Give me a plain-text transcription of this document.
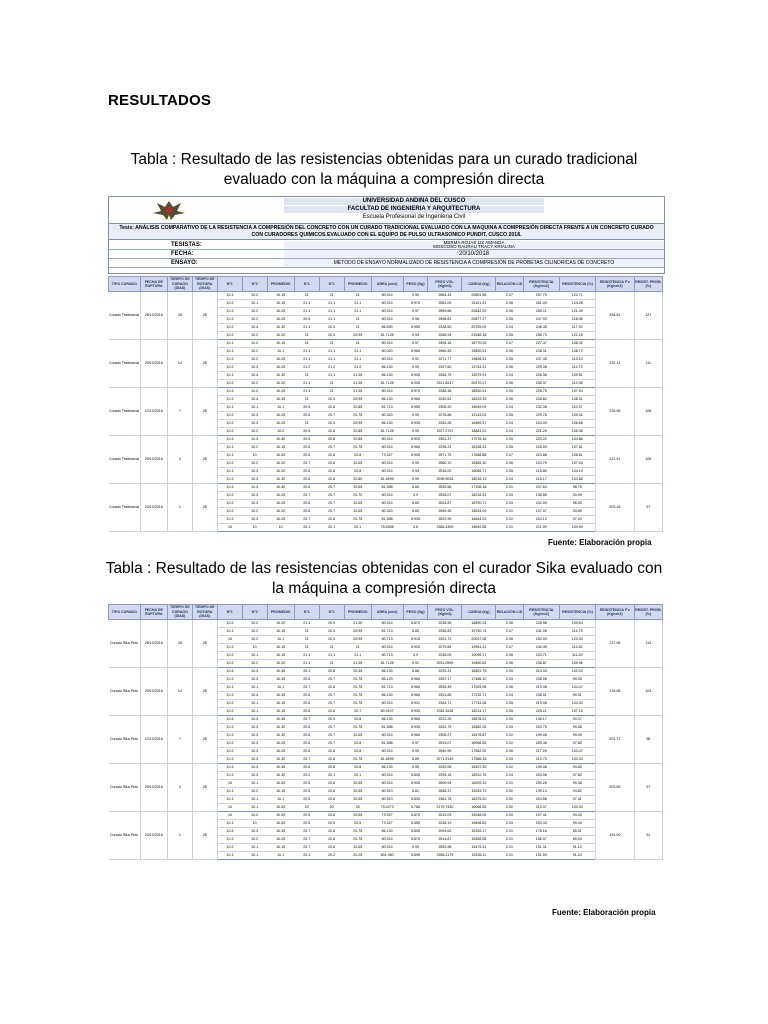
RESULTADOS
Tabla : Resultado de las resistencias obtenidas para un curado tradicional evaluado con la máquina a compresión directa
UNIVERSIDAD ANDINA DEL CUSCO
FACULTAD DE INGENIERIA Y ARQUITECTURA
Escuela Profesional de Ingenieria Civil
Tesis: ANÁLISIS COMPARATIVO DE LA RESISTENCIA A COMPRESIÓN DEL CONCRETO CON UN CURADO TRADICIONAL EVALUADO CON LA MAQUINA A COMPRESIÓN DIRECTA FRENTE A UN CONCRETO CURADO CON CURADORES QUIMICOS EVALUADO CON EL EQUIPO DE PULSO ULTRASONICO PUNDIT, CUSCO 2018.
TESISTAS:	MERMA ROJAS LIZ AMANDA
MOSCOSO RAURAU TRACY KRIALINA
FECHA:	20/10/2018
ENSAYO:	METODO DE ENSAYO NORMALIZADO DE RESISTENCIA A COMPRESIÓN DE PROBETAS CILINDRICAS DE CONCRETO
TIPO CURADO	FECHA DE RUPTURA	TIEMPO DE CURADO (DIAS)	TIEMPO DE ROTURA (DIAS)	N°1	N°2	PROMEDIO	N°1	N°2	PROMEDIO	AREA (cm2)	PESO (Kg)	PESO VOL. (Kg/m3)	CARGA (Kg)	RELACIÓN L/D	RESISTENCIA (Kg/cm2)	RESISTENCIA (%)	RESISTENCIA F'c (Kg/cm2)	RESIST. PROM. (%)
Curado Tradicional	26/10/2018	28	28	10.1	10.2	10.15	21	21	21	80.914	9.95	2564.44	20851.56	2.07	257.70	122.71	254.51	121
				10.2	10.1	10.15	21.1	21.1	21.1	80.914	5.975	2581.09	21101.23	2.08	261.00	124.28		
				10.3	10.2	10.25	21.1	21.1	21.1	80.914	5.97	2559.86	20842.29	2.06	255.11	121.49		
				10.3	10.2	10.25	20.9	21.1	21	80.914	5.98	2596.81	20877.27	2.05	247.93	118.06		
				10.2	10.4	10.30	21.1	20.9	21	86.590	5.955	2338.50	20725.09	2.04	246.35	117.30		
				10.2	10.2	10.20	21	20.9	20.95	81.7128	5.94	2266.94	21548.18	2.05	256.73	122.25		
Curado Tradicional	20/10/2018	14	28	10.1	10.2	10.15	21	21	21	80.914	5.97	2495.16	18770.25	2.07	227.47	108.32	232.13	111
				10.1	10.2	10.1	21.1	21.1	21.1	80.020	5.965	2460.45	19820.91	2.06	238.31	108.72		
				10.3	10.2	10.25	21.1	21.1	21.1	80.914	5.91	2271.77	19626.51	2.05	237.45	113.10		
				10.2	10.3	10.25	21.2	21.2	21.2	86.130	5.95	2327.60	19744.91	2.06	229.38	114.75		
				10.1	10.4	10.30	21	21.1	21.05	86.130	5.905	2264.79	19279.91	2.04	226.36	109.51		
				10.2	10.2	10.20	21.1	21	21.05	81.7128	6.005	2321.8247	20270.27	2.06	235.37	112.08		
Curado Tradicional	12/10/2018	7	28	10.3	10.2	10.25	21.1	21	21.05	80.914	5.975	2288.38	18530.91	2.05	226.75	107.94	226.98	108
				10.3	10.4	10.35	21	20.9	20.95	86.130	5.965	2249.51	18233.39	2.06	226.82	108.01		
				10.1	10.1	10.1	20.9	20.8	20.85	81.713	5.955	2305.20	18549.09	2.04	232.38	110.37		
				10.2	10.3	10.25	20.8	20.7	20.75	80.320	5.95	2278.86	19143.03	2.05	229.78	109.41		
				10.2	10.3	10.25	21	20.9	20.95	86.130	5.935	2252.26	18489.97	2.04	224.00	106.66		
				10.2	10.2	10.2	20.9	20.8	20.85	81.7128	5.95	1927.2757	18881.22	2.04	221.29	105.38		
Curado Tradicional	25/10/2018	3	28	10.3	10.3	10.30	20.9	20.8	20.85	80.914	5.925	2301.37	17978.16	2.05	220.22	104.86	221.91	106
				10.1	10.2	10.15	20.8	20.7	20.75	80.914	5.965	2298.21	18198.23	2.05	226.00	107.61		
				10.1	10	10.05	20.8	20.8	20.8	79.327	5.905	2571.75	17688.88	2.07	223.88	106.61		
				10.2	10.2	10.20	20.7	20.6	20.65	80.914	5.95	2560.70	18365.30	2.06	224.79	107.04		
				10.1	10.3	10.20	20.8	20.8	20.8	80.914	5.94	2518.00	18065.71	2.05	218.80	104.19		
				10.3	10.3	10.30	20.8	20.8	20.80	81.5599	5.99	2295.9034	18016.13	2.04	218.17	103.88		
Curado Tradicional	23/10/2018	1	28	10.3	10.3	10.30	20.6	20.7	20.65	81.558	5.65	2530.56	17158.18	2.01	207.63	98.78	203.16	97
				10.2	10.3	10.25	20.7	20.7	20.70	80.914	5.9	2528.07	16218.93	2.03	198.55	93.99		
				10.2	10.3	10.25	20.6	20.7	20.65	80.914	5.65	2524.87	16700.71	2.03	202.09	96.50		
				10.2	10.2	10.20	20.6	20.7	20.65	80.320	5.65	2549.35	16634.09	2.01	197.07	93.89		
				10.3	10.3	10.25	20.7	20.8	20.75	81.558	5.935	2522.99	16844.03	2.02	204.12	97.20		
				10	10	10	20.1	20.1	20.1	78.5398	5.6	2386.4309	16649.58	2.01	211.99	100.99		
Fuente: Elaboración propia
Tabla : Resultado de las resistencias obtenidas con el curador Sika evaluado con la máquina a compresión directa
TIPO CURADO	FECHA DE RUPTURA	TIEMPO DE CURADO (DIAS)	TIEMPO DE ROTURA (DIAS)	N°1	N°2	PROMEDIO	N°1	N°2	PROMEDIO	AREA (cm2)	PESO (Kg)	PESO VOL. (Kg/m3)	CARGA (Kg)	RELACIÓN L/D	RESISTENCIA (Kg/cm2)	RESISTENCIA (%)	RESISTENCIA F'c (Kg/cm2)	RESIST. PROM. (%)
Curado Sika Perú	26/10/2018	28	28	10.2	10.2	10.20	21.1	20.9	21.00	80.914	5.875	2238.95	18890.24	2.06	228.98	109.04	237.06	113
				10.1	10.2	10.15	21	20.9	20.95	81.713	5.85	2256.83	19740.74	2.07	241.06	114.79		
				10	10.2	10.1	21	20.9	20.95	80.713	5.915	2321.73	20037.08	2.08	252.00	120.00		
				10.3	10	10.15	21	21	21	80.914	5.925	2279.84	19951.21	2.07	240.49	114.52		
				10.2	10.1	10.15	21.1	21.1	21.1	80.713	5.9	2246.09	19096.17	2.08	233.71	111.29		
				10.2	10.2	10.20	21.1	21	21.05	81.7128	5.91	2251.0599	19450.62	2.06	236.87	109.96		
Curado Sika Perú	20/10/2018	14	28	10.4	10.3	10.35	20.1	20.8	20.45	86.130	5.88	2293.31	18451.75	2.05	214.33	102.03	216.08	103
				10.3	10.3	10.35	20.8	20.7	20.75	85.129	5.965	2267.17	17486.10	2.03	208.06	99.05		
				10.1	10.1	10.1	20.7	20.8	20.75	81.713	5.965	2526.49	17925.95	2.06	219.38	104.47		
				10.3	10.4	10.35	20.8	20.7	20.75	86.130	5.965	2321.85	17232.71	2.04	208.01	99.01		
				10.2	10.1	10.15	20.8	20.7	20.75	80.914	5.931	2343.71	17734.08	2.05	219.08	104.33		
				10.2	10.1	10.15	20.6	20.6	20.7	80.9107	5.935	2361.6118	18214.17	2.05	225.11	107.19		
Curado Sika Perú	12/10/2018	7	28	10.4	10.3	10.35	20.7	20.9	20.8	86.130	5.965	2221.25	16878.22	2.05	196.17	93.37	201.37	96
				10.3	10.3	10.30	20.8	20.7	20.75	81.558	5.935	2261.79	16582.28	2.03	200.75	95.58		
				10.3	10.3	10.30	20.6	20.7	20.65	80.914	5.965	2305.27	16476.87	2.02	199.08	95.09		
				10.2	10.3	10.25	20.8	20.7	20.8	81.558	5.97	2513.07	16908.55	2.02	205.46	97.85		
				10.2	10.3	10.25	20.8	20.8	20.8	80.914	5.95	2540.99	17582.92	2.06	217.29	103.47		
				10.3	10.3	10.30	20.7	20.8	20.75	81.5599	5.89	2271.9149	17586.16	2.03	210.70	100.33		
Curado Sika Perú	25/10/2018	3	28	10.3	10.3	10.35	20.8	20.8	20.8	86.130	5.95	2292.08	16437.39	2.02	199.08	94.80	203.55	97
				10.3	10.3	10.30	20.2	20.1	20.1	80.914	5.805	2294.15	16912.76	2.04	204.96	97.60		
				10	10.1	10.05	20.5	20.6	20.55	80.914	5.905	2509.94	16209.12	2.01	200.26	95.36		
				10.1	10.2	10.15	20.5	20.6	20.55	80.913	5.81	2548.37	15933.79	2.00	199.13	94.82		
				10.1	10.1	10.1	20.5	20.6	20.55	80.913	5.835	2361.78	16375.20	2.00	204.56	97.41		
				10	10.1	10.05	20	20	20	79.0273	5.785	2179.7430	16066.55	2.00	210.07	100.00		
Curado Sika Perú	23/10/2018	1	28	10	10.2	10.09	20.5	20.6	20.55	79.927	5.875	2212.03	15048.05	2.00	197.41	94.00	191.00	91
				10.1	10	10.05	20.5	20.5	20.5	79.327	5.555	2245.19	15898.82	2.03	200.43	95.44		
				10.4	10.3	10.35	20.7	20.8	20.75	86.130	5.805	2093.62	15339.17	2.01	178.16	85.01		
				10.3	10.2	10.25	20.7	20.8	20.75	80.914	5.875	2514.67	15458.56	2.01	186.97	89.04		
				10.2	10.1	10.15	20.7	20.6	20.65	80.914	5.95	2553.98	15479.41	2.01	191.31	91.10		
				10.1	10.1	10.1	20.3	20.2	20.25	801.080	5.895	2356.2179	15336.11	2.01	191.59	91.24		
Fuente: Elaboración propia
